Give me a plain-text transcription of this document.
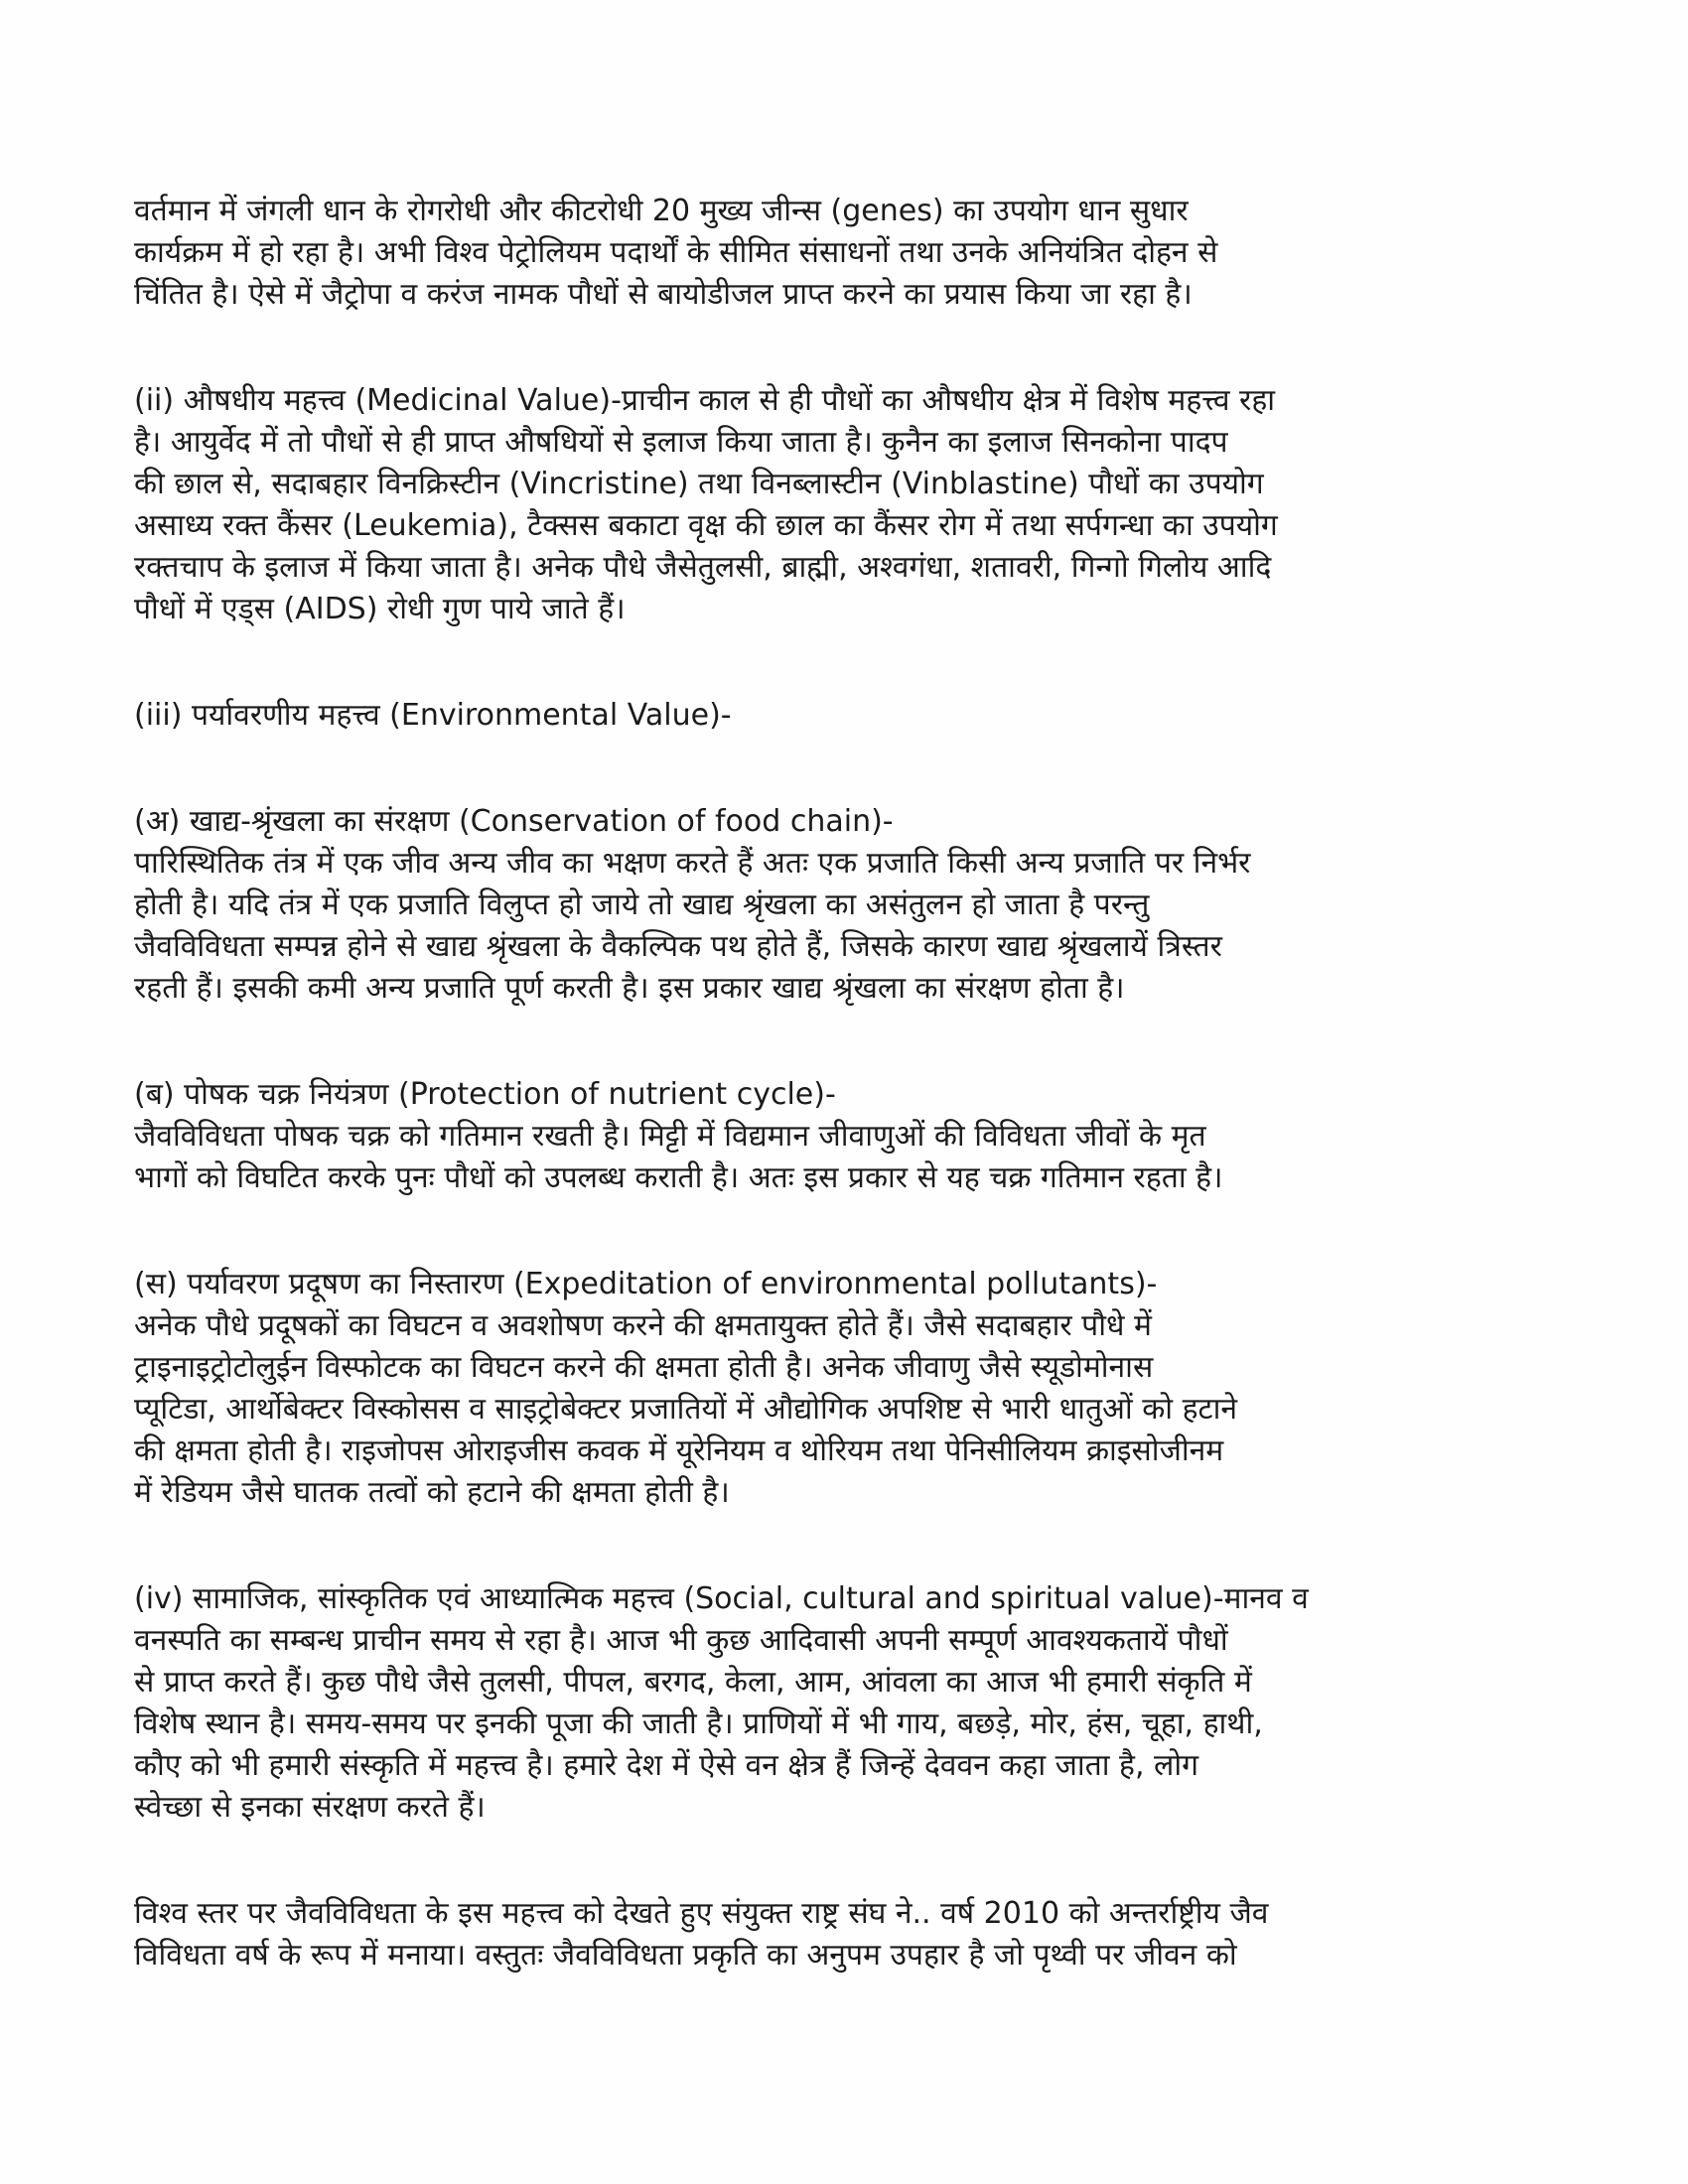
वर्तमान में जंगली धान के रोगरोधी और कीटरोधी 20 मुख्य जीन्स (genes) का उपयोग धान सुधार
कार्यक्रम में हो रहा है। अभी विश्व पेट्रोलियम पदार्थों के सीमित संसाधनों तथा उनके अनियंत्रित दोहन से
चिंतित है। ऐसे में जैट्रोपा व करंज नामक पौधों से बायोडीजल प्राप्त करने का प्रयास किया जा रहा है।

(ii) औषधीय महत्त्व (Medicinal Value)-प्राचीन काल से ही पौधों का औषधीय क्षेत्र में विशेष महत्त्व रहा
है। आयुर्वेद में तो पौधों से ही प्राप्त औषधियों से इलाज किया जाता है। कुनैन का इलाज सिनकोना पादप
की छाल से, सदाबहार विनक्रिस्टीन (Vincristine) तथा विनब्लास्टीन (Vinblastine) पौधों का उपयोग
असाध्य रक्त कैंसर (Leukemia), टैक्सस बकाटा वृक्ष की छाल का कैंसर रोग में तथा सर्पगन्धा का उपयोग
रक्तचाप के इलाज में किया जाता है। अनेक पौधे जैसेतुलसी, ब्राह्मी, अश्वगंधा, शतावरी, गिन्गो गिलोय आदि
पौधों में एड्स (AIDS) रोधी गुण पाये जाते हैं।

(iii) पर्यावरणीय महत्त्व (Environmental Value)-

(अ) खाद्य-श्रृंखला का संरक्षण (Conservation of food chain)-
पारिस्थितिक तंत्र में एक जीव अन्य जीव का भक्षण करते हैं अतः एक प्रजाति किसी अन्य प्रजाति पर निर्भर
होती है। यदि तंत्र में एक प्रजाति विलुप्त हो जाये तो खाद्य श्रृंखला का असंतुलन हो जाता है परन्तु
जैवविविधता सम्पन्न होने से खाद्य श्रृंखला के वैकल्पिक पथ होते हैं, जिसके कारण खाद्य श्रृंखलायें त्रिस्तर
रहती हैं। इसकी कमी अन्य प्रजाति पूर्ण करती है। इस प्रकार खाद्य श्रृंखला का संरक्षण होता है।

(ब) पोषक चक्र नियंत्रण (Protection of nutrient cycle)-
जैवविविधता पोषक चक्र को गतिमान रखती है। मिट्टी में विद्यमान जीवाणुओं की विविधता जीवों के मृत
भागों को विघटित करके पुनः पौधों को उपलब्ध कराती है। अतः इस प्रकार से यह चक्र गतिमान रहता है।

(स) पर्यावरण प्रदूषण का निस्तारण (Expeditation of environmental pollutants)-
अनेक पौधे प्रदूषकों का विघटन व अवशोषण करने की क्षमतायुक्त होते हैं। जैसे सदाबहार पौधे में
ट्राइनाइट्रोटोलुईन विस्फोटक का विघटन करने की क्षमता होती है। अनेक जीवाणु जैसे स्यूडोमोनास
प्यूटिडा, आर्थोबेक्टर विस्कोसस व साइट्रोबेक्टर प्रजातियों में औद्योगिक अपशिष्ट से भारी धातुओं को हटाने
की क्षमता होती है। राइजोपस ओराइजीस कवक में यूरेनियम व थोरियम तथा पेनिसीलियम क्राइसोजीनम
में रेडियम जैसे घातक तत्वों को हटाने की क्षमता होती है।

(iv) सामाजिक, सांस्कृतिक एवं आध्यात्मिक महत्त्व (Social, cultural and spiritual value)-मानव व
वनस्पति का सम्बन्ध प्राचीन समय से रहा है। आज भी कुछ आदिवासी अपनी सम्पूर्ण आवश्यकतायें पौधों
से प्राप्त करते हैं। कुछ पौधे जैसे तुलसी, पीपल, बरगद, केला, आम, आंवला का आज भी हमारी संकृति में
विशेष स्थान है। समय-समय पर इनकी पूजा की जाती है। प्राणियों में भी गाय, बछड़े, मोर, हंस, चूहा, हाथी,
कौए को भी हमारी संस्कृति में महत्त्व है। हमारे देश में ऐसे वन क्षेत्र हैं जिन्हें देववन कहा जाता है, लोग
स्वेच्छा से इनका संरक्षण करते हैं।

विश्व स्तर पर जैवविविधता के इस महत्त्व को देखते हुए संयुक्त राष्ट्र संघ ने.. वर्ष 2010 को अन्तर्राष्ट्रीय जैव
विविधता वर्ष के रूप में मनाया। वस्तुतः जैवविविधता प्रकृति का अनुपम उपहार है जो पृथ्वी पर जीवन को
